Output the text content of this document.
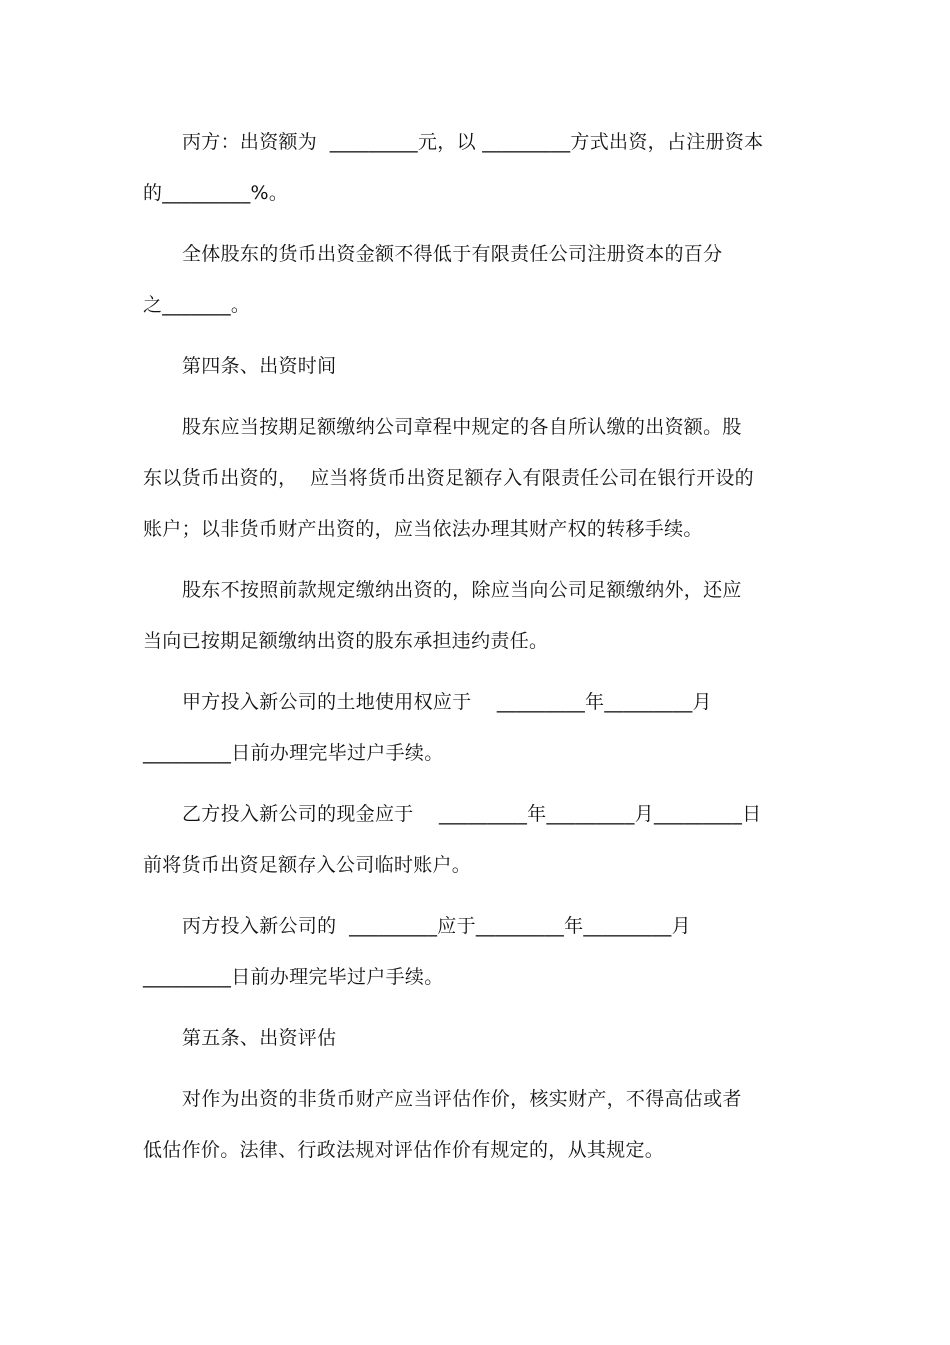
丙方：出资额为  _________元，以 _________方式出资，占注册资本
的_________%。
全体股东的货币出资金额不得低于有限责任公司注册资本的百分
之_______。
第四条、出资时间
股东应当按期足额缴纳公司章程中规定的各自所认缴的出资额。股
东以货币出资的，  应当将货币出资足额存入有限责任公司在银行开设的
账户；以非货币财产出资的，应当依法办理其财产权的转移手续。
股东不按照前款规定缴纳出资的，除应当向公司足额缴纳外，还应
当向已按期足额缴纳出资的股东承担违约责任。
甲方投入新公司的土地使用权应于    _________年_________月
_________日前办理完毕过户手续。
乙方投入新公司的现金应于    _________年_________月_________日
前将货币出资足额存入公司临时账户。
丙方投入新公司的  _________应于_________年_________月
_________日前办理完毕过户手续。
第五条、出资评估
对作为出资的非货币财产应当评估作价，核实财产，不得高估或者
低估作价。法律、行政法规对评估作价有规定的，从其规定。
